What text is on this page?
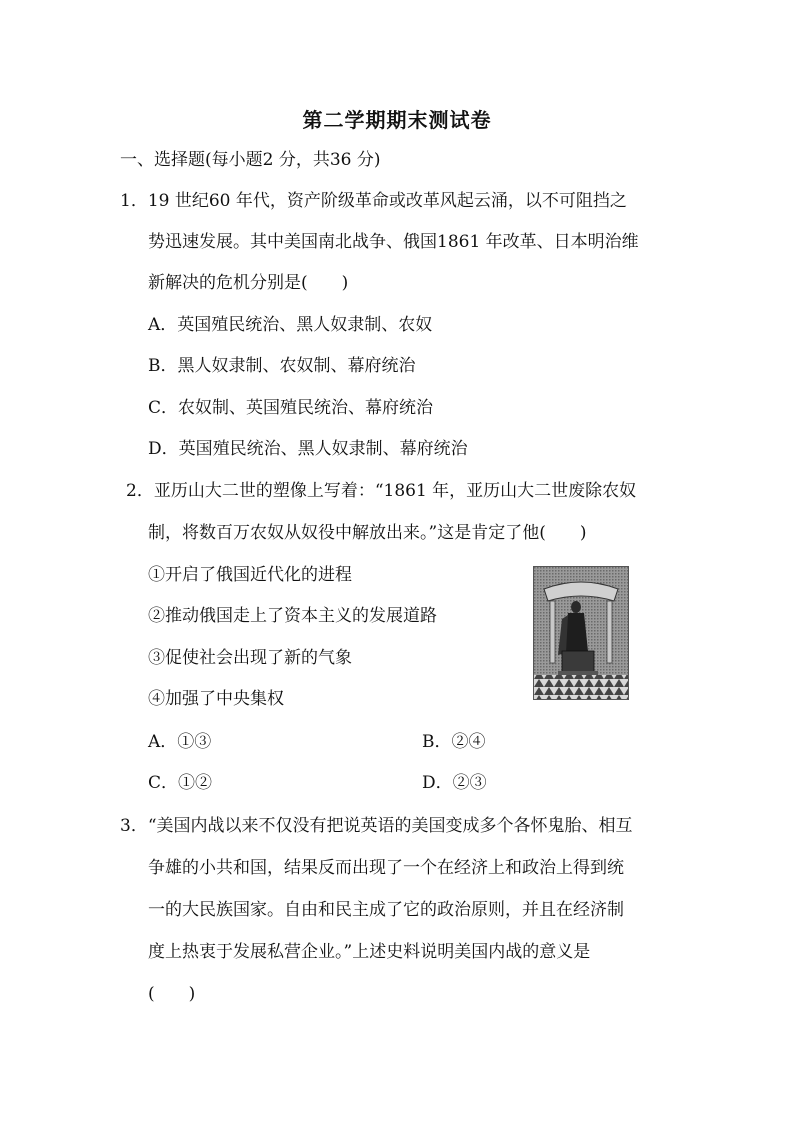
第二学期期末测试卷
一、选择题(每小题2 分，共36 分)
1．19 世纪60 年代，资产阶级革命或改革风起云涌，以不可阻挡之
势迅速发展。其中美国南北战争、俄国1861 年改革、日本明治维
新解决的危机分别是(　　)
A．英国殖民统治、黑人奴隶制、农奴
B．黑人奴隶制、农奴制、幕府统治
C．农奴制、英国殖民统治、幕府统治
D．英国殖民统治、黑人奴隶制、幕府统治
2．亚历山大二世的塑像上写着：“1861 年，亚历山大二世废除农奴
制，将数百万农奴从奴役中解放出来。”这是肯定了他(　　)
①开启了俄国近代化的进程
②推动俄国走上了资本主义的发展道路
③促使社会出现了新的气象
④加强了中央集权
A．①③	B．②④
C．①②	D．②③
3．“美国内战以来不仅没有把说英语的美国变成多个各怀鬼胎、相互
争雄的小共和国，结果反而出现了一个在经济上和政治上得到统
一的大民族国家。自由和民主成了它的政治原则，并且在经济制
度上热衷于发展私营企业。”上述史料说明美国内战的意义是
(　　)
